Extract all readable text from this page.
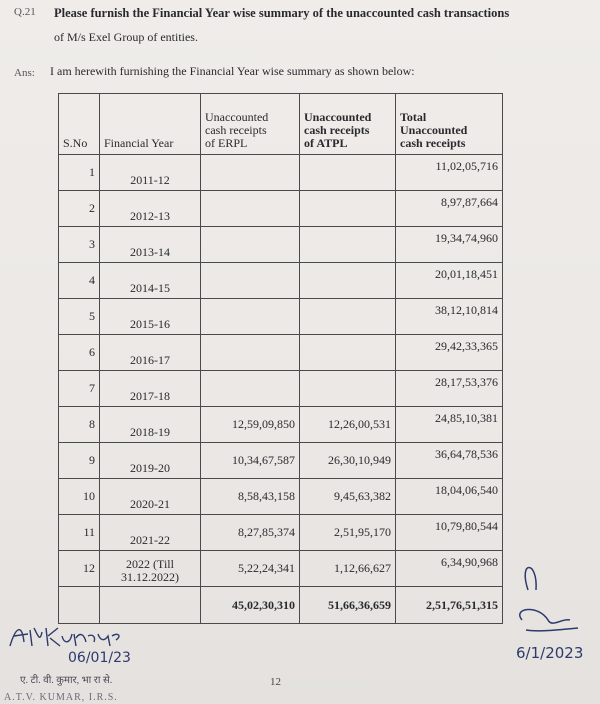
Q.21 Please furnish the Financial Year wise summary of the unaccounted cash transactions
of M/s Exel Group of entities.
Ans: I am herewith furnishing the Financial Year wise summary as shown below:
S.No	Financial Year	Unaccounted
cash receipts
of ERPL	Unaccounted
cash receipts
of ATPL	Total
Unaccounted
cash receipts
1	2011-12			11,02,05,716
2	2012-13			8,97,87,664
3	2013-14			19,34,74,960
4	2014-15			20,01,18,451
5	2015-16			38,12,10,814
6	2016-17			29,42,33,365
7	2017-18			28,17,53,376
8	2018-19	12,59,09,850	12,26,00,531	24,85,10,381
9	2019-20	10,34,67,587	26,30,10,949	36,64,78,536
10	2020-21	8,58,43,158	9,45,63,382	18,04,06,540
11	2021-22	8,27,85,374	2,51,95,170	10,79,80,544
12	2022 (Till 31.12.2022)	5,22,24,341	1,12,66,627	6,34,90,968
		45,02,30,310	51,66,36,659	2,51,76,51,315
06/01/23
ए. टी. वी. कुमार, भा रा से.
A.T.V. KUMAR, I.R.S.
12
6/1/2023
